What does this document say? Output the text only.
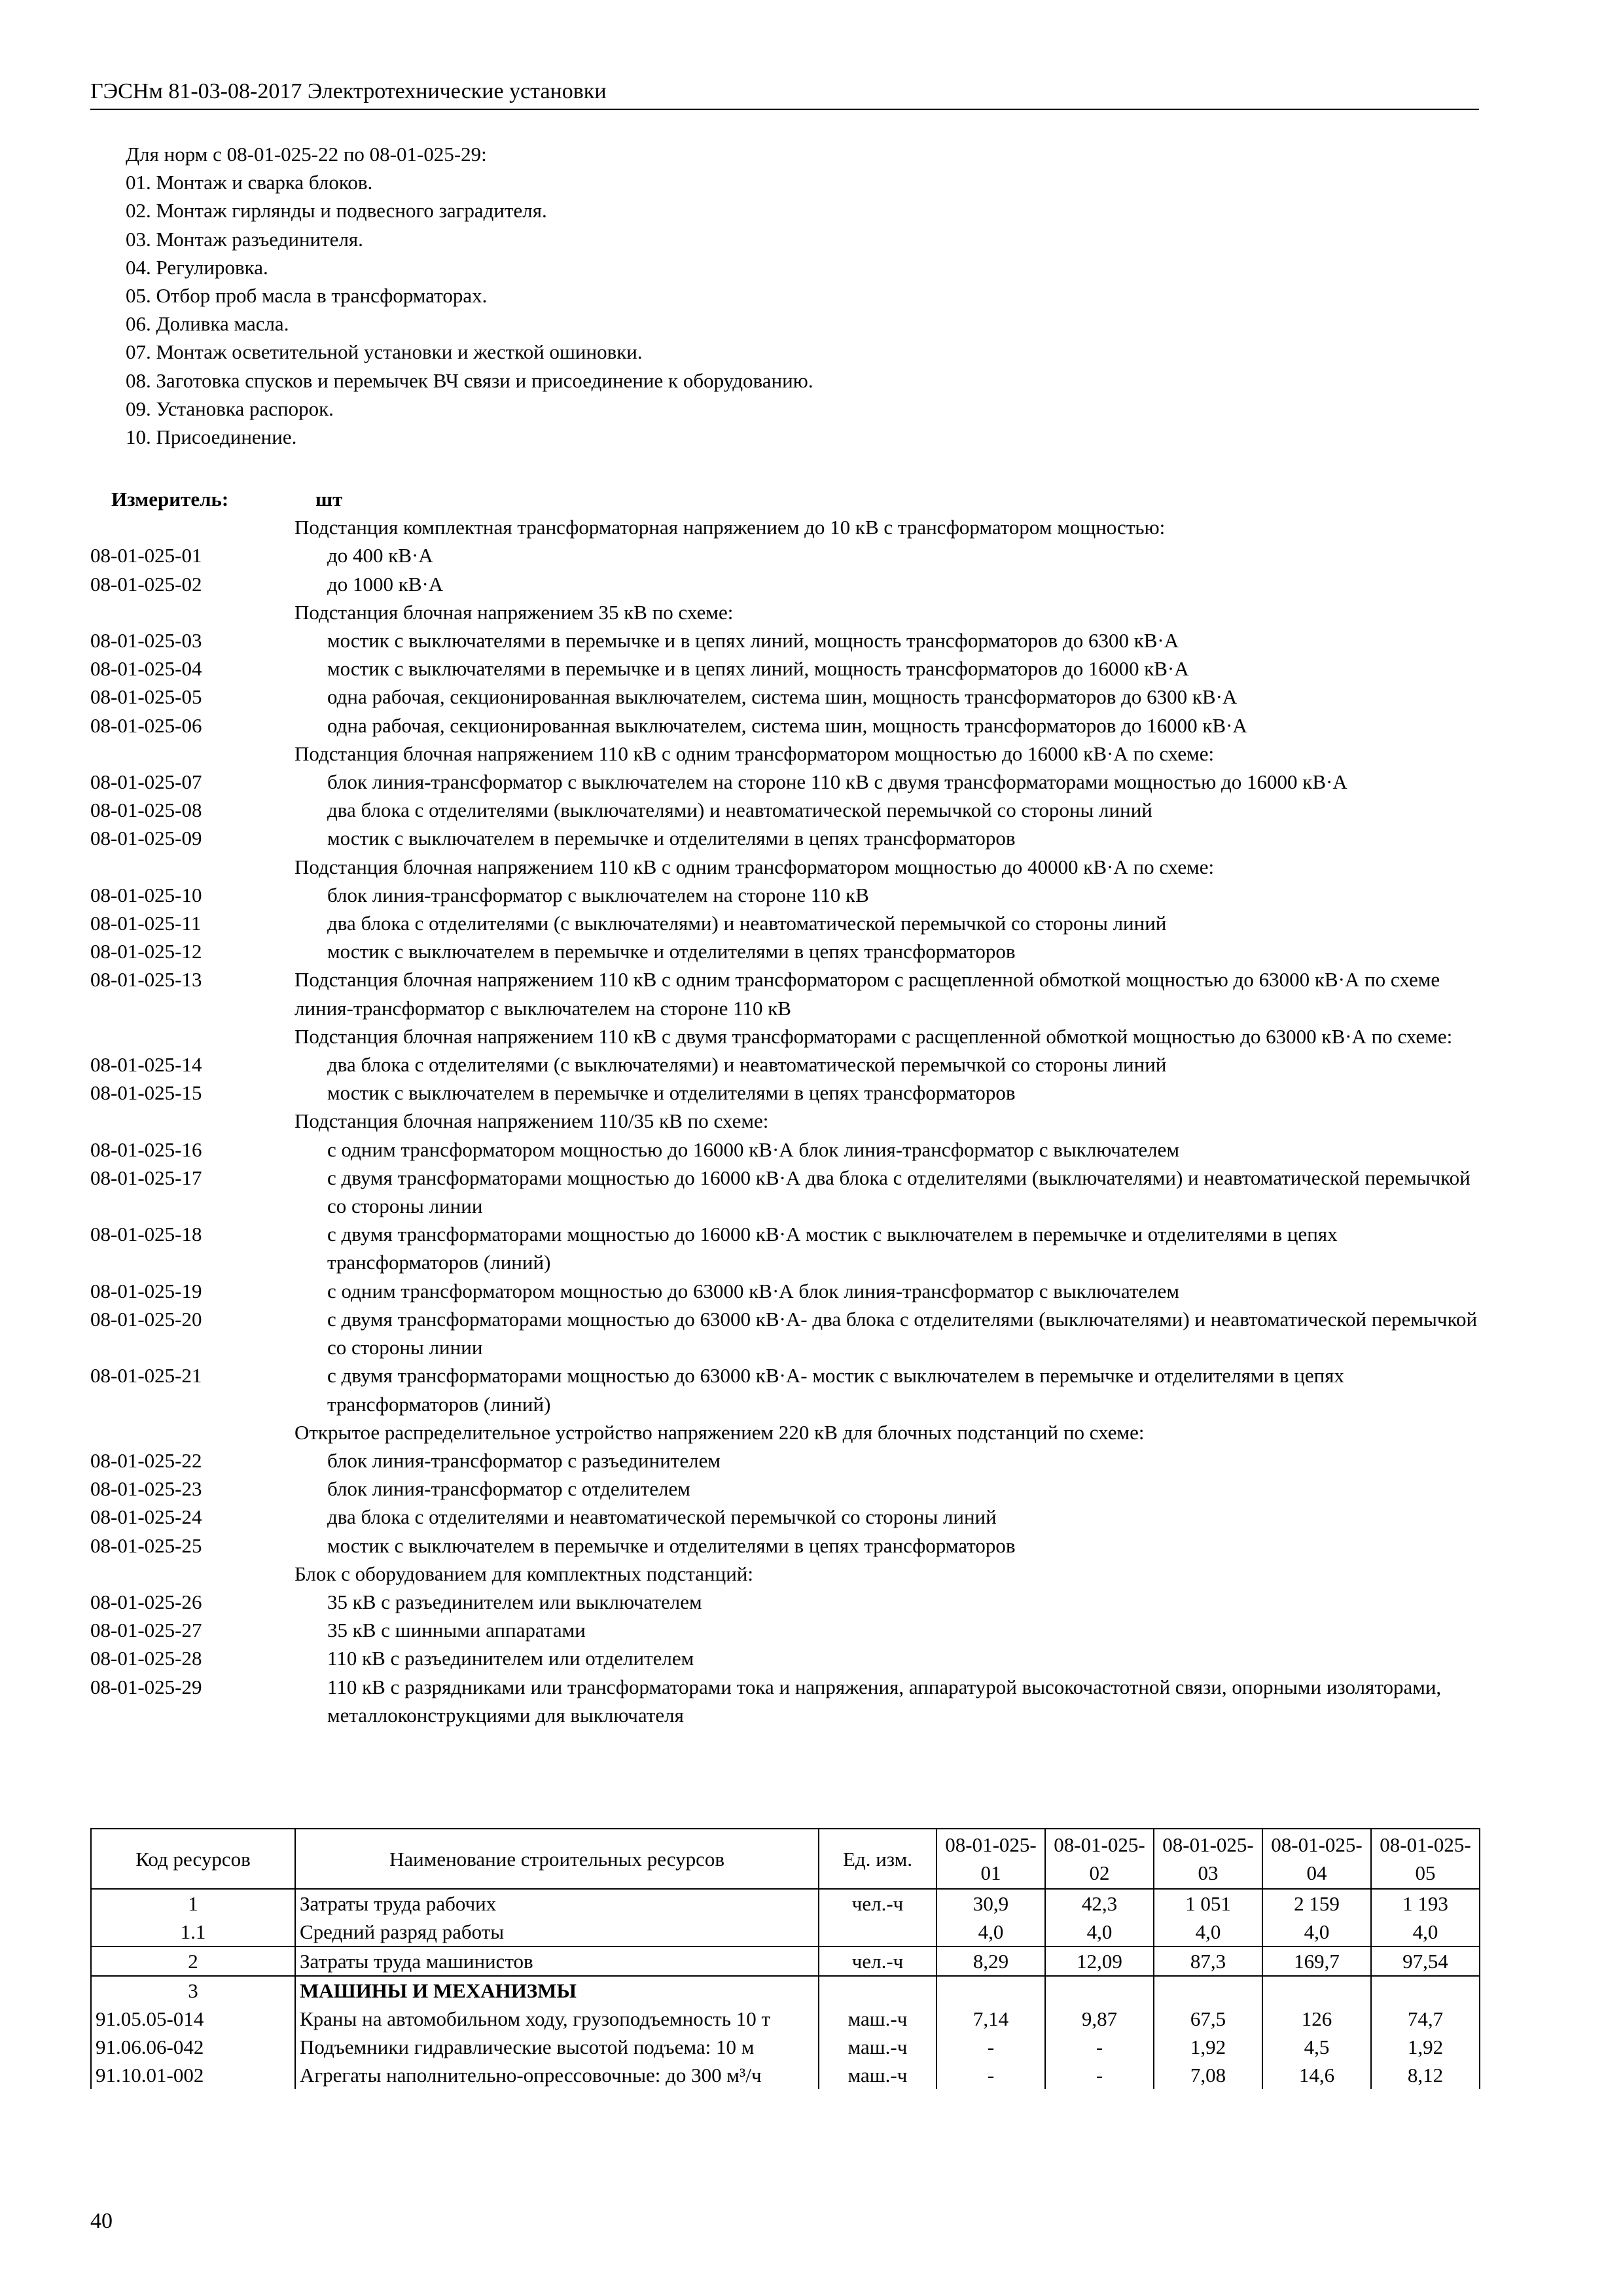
ГЭСНм 81-03-08-2017 Электротехнические установки
Для норм с 08-01-025-22 по 08-01-025-29:
01. Монтаж и сварка блоков.
02. Монтаж гирлянды и подвесного заградителя.
03. Монтаж разъединителя.
04. Регулировка.
05. Отбор проб масла в трансформаторах.
06. Доливка масла.
07. Монтаж осветительной установки и жесткой ошиновки.
08. Заготовка спусков и перемычек ВЧ связи и присоединение к оборудованию.
09. Установка распорок.
10. Присоединение.
Измеритель:	шт
Подстанция комплектная трансформаторная напряжением до 10 кВ с трансформатором мощностью:
08-01-025-01	до 400 кВ·А
08-01-025-02	до 1000 кВ·А
Подстанция блочная напряжением 35 кВ по схеме:
08-01-025-03	мостик с выключателями в перемычке и в цепях линий, мощность трансформаторов до 6300 кВ·А
08-01-025-04	мостик с выключателями в перемычке и в цепях линий, мощность трансформаторов до 16000 кВ·А
08-01-025-05	одна рабочая, секционированная выключателем, система шин, мощность трансформаторов до 6300 кВ·А
08-01-025-06	одна рабочая, секционированная выключателем, система шин, мощность трансформаторов до 16000 кВ·А
Подстанция блочная напряжением 110 кВ с одним трансформатором мощностью до 16000 кВ·А по схеме:
08-01-025-07	блок линия-трансформатор с выключателем на стороне 110 кВ с двумя трансформаторами мощностью до 16000 кВ·А
08-01-025-08	два блока с отделителями (выключателями) и неавтоматической перемычкой со стороны линий
08-01-025-09	мостик с выключателем в перемычке и отделителями в цепях трансформаторов
Подстанция блочная напряжением 110 кВ с одним трансформатором мощностью до 40000 кВ·А по схеме:
08-01-025-10	блок линия-трансформатор с выключателем на стороне 110 кВ
08-01-025-11	два блока с отделителями (с выключателями) и неавтоматической перемычкой со стороны линий
08-01-025-12	мостик с выключателем в перемычке и отделителями в цепях трансформаторов
08-01-025-13	Подстанция блочная напряжением 110 кВ с одним трансформатором с расщепленной обмоткой мощностью до 63000 кВ·А по схеме линия-трансформатор с выключателем на стороне 110 кВ
Подстанция блочная напряжением 110 кВ с двумя трансформаторами с расщепленной обмоткой мощностью до 63000 кВ·А по схеме:
08-01-025-14	два блока с отделителями (с выключателями) и неавтоматической перемычкой со стороны линий
08-01-025-15	мостик с выключателем в перемычке и отделителями в цепях трансформаторов
Подстанция блочная напряжением 110/35 кВ по схеме:
08-01-025-16	с одним трансформатором мощностью до 16000 кВ·А блок линия-трансформатор с выключателем
08-01-025-17	с двумя трансформаторами мощностью до 16000 кВ·А два блока с отделителями (выключателями) и неавтоматической перемычкой со стороны линии
08-01-025-18	с двумя трансформаторами мощностью до 16000 кВ·А мостик с выключателем в перемычке и отделителями в цепях трансформаторов (линий)
08-01-025-19	с одним трансформатором мощностью до 63000 кВ·А блок линия-трансформатор с выключателем
08-01-025-20	с двумя трансформаторами мощностью до 63000 кВ·А- два блока с отделителями (выключателями) и неавтоматической перемычкой со стороны линии
08-01-025-21	с двумя трансформаторами мощностью до 63000 кВ·А- мостик с выключателем в перемычке и отделителями в цепях трансформаторов (линий)
Открытое распределительное устройство напряжением 220 кВ для блочных подстанций по схеме:
08-01-025-22	блок линия-трансформатор с разъединителем
08-01-025-23	блок линия-трансформатор с отделителем
08-01-025-24	два блока с отделителями и неавтоматической перемычкой со стороны линий
08-01-025-25	мостик с выключателем в перемычке и отделителями в цепях трансформаторов
Блок с оборудованием для комплектных подстанций:
08-01-025-26	35 кВ с разъединителем или выключателем
08-01-025-27	35 кВ с шинными аппаратами
08-01-025-28	110 кВ с разъединителем или отделителем
08-01-025-29	110 кВ с разрядниками или трансформаторами тока и напряжения, аппаратурой высокочастотной связи, опорными изоляторами, металлоконструкциями для выключателя
Код ресурсов	Наименование строительных ресурсов	Ед. изм.	08-01-025-01	08-01-025-02	08-01-025-03	08-01-025-04	08-01-025-05
1	Затраты труда рабочих	чел.-ч	30,9	42,3	1 051	2 159	1 193
1.1	Средний разряд работы		4,0	4,0	4,0	4,0	4,0
2	Затраты труда машинистов	чел.-ч	8,29	12,09	87,3	169,7	97,54
3	МАШИНЫ И МЕХАНИЗМЫ						
91.05.05-014	Краны на автомобильном ходу, грузоподъемность 10 т	маш.-ч	7,14	9,87	67,5	126	74,7
91.06.06-042	Подъемники гидравлические высотой подъема: 10 м	маш.-ч	-	-	1,92	4,5	1,92
91.10.01-002	Агрегаты наполнительно-опрессовочные: до 300 м³/ч	маш.-ч	-	-	7,08	14,6	8,12
40
